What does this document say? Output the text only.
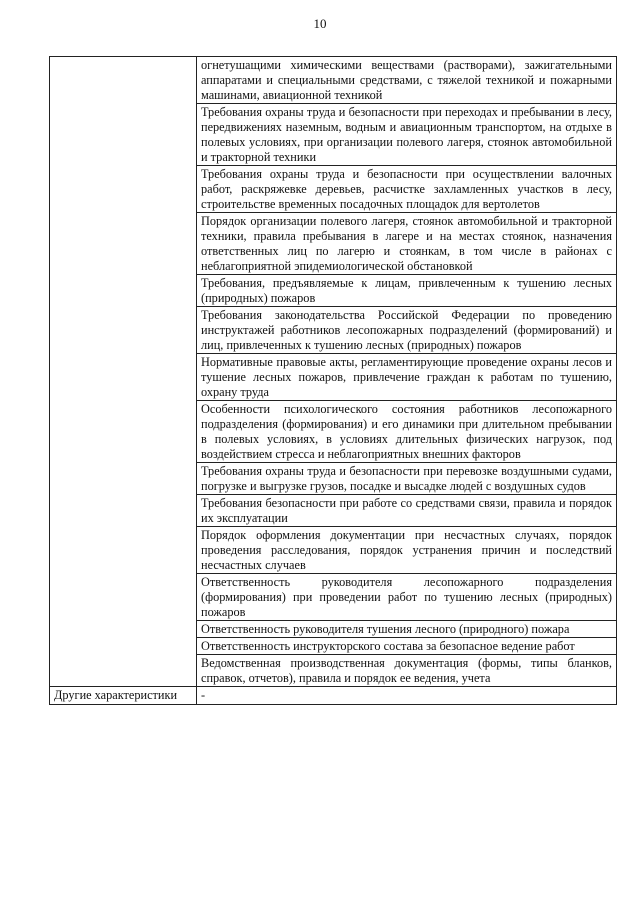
10
	огнетушащими химическими веществами (растворами), зажигательными аппаратами и специальными средствами, с тяжелой техникой и пожарными машинами, авиационной техникой
	Требования охраны труда и безопасности при переходах и пребывании в лесу, передвижениях наземным, водным и авиационным транспортом, на отдыхе в полевых условиях, при организации полевого лагеря, стоянок автомобильной и тракторной техники
	Требования охраны труда и безопасности при осуществлении валочных работ, раскряжевке деревьев, расчистке захламленных участков в лесу, строительстве временных посадочных площадок для вертолетов
	Порядок организации полевого лагеря, стоянок автомобильной и тракторной техники, правила пребывания в лагере и на местах стоянок, назначения ответственных лиц по лагерю и стоянкам, в том числе в районах с неблагоприятной эпидемиологической обстановкой
	Требования, предъявляемые к лицам, привлеченным к тушению лесных (природных) пожаров
	Требования законодательства Российской Федерации по проведению инструктажей работников лесопожарных подразделений (формирований) и лиц, привлеченных к тушению лесных (природных) пожаров
	Нормативные правовые акты, регламентирующие проведение охраны лесов и тушение лесных пожаров, привлечение граждан к работам по тушению, охрану труда
	Особенности психологического состояния работников лесопожарного подразделения (формирования) и его динамики при длительном пребывании в полевых условиях, в условиях длительных физических нагрузок, под воздействием стресса и неблагоприятных внешних факторов
	Требования охраны труда и безопасности при перевозке воздушными судами, погрузке и выгрузке грузов, посадке и высадке людей с воздушных судов
	Требования безопасности при работе со средствами связи, правила и порядок их эксплуатации
	Порядок оформления документации при несчастных случаях, порядок проведения расследования, порядок устранения причин и последствий несчастных случаев
	Ответственность руководителя лесопожарного подразделения (формирования) при проведении работ по тушению лесных (природных) пожаров
	Ответственность руководителя тушения лесного (природного) пожара
	Ответственность инструкторского состава за безопасное ведение работ
	Ведомственная производственная документация (формы, типы бланков, справок, отчетов), правила и порядок ее ведения, учета
Другие характеристики	-
